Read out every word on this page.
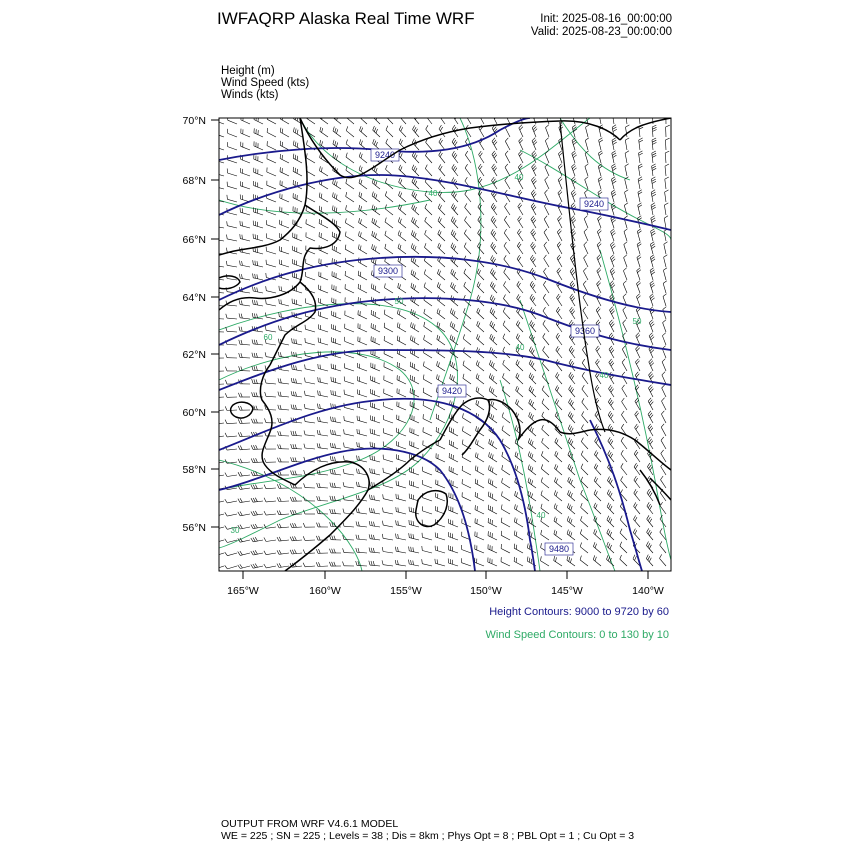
IWFAQRP Alaska Real Time WRF	Init: 2025-08-16_00:00:00
Valid: 2025-08-23_00:00:00
Height (m)
Wind Speed (kts)
Winds (kts)
9240
9240
9300
9360
9420
9480
40
40
50
60
40
50
40
30
40
70°N
68°N
66°N
64°N
62°N
60°N
58°N
56°N
165°W	160°W	155°W	150°W	145°W	140°W
Height Contours: 9000 to 9720 by 60
Wind Speed Contours: 0 to 130 by 10
OUTPUT FROM WRF V4.6.1 MODEL
WE = 225 ; SN = 225 ; Levels = 38 ; Dis = 8km ; Phys Opt = 8 ; PBL Opt = 1 ; Cu Opt = 3
